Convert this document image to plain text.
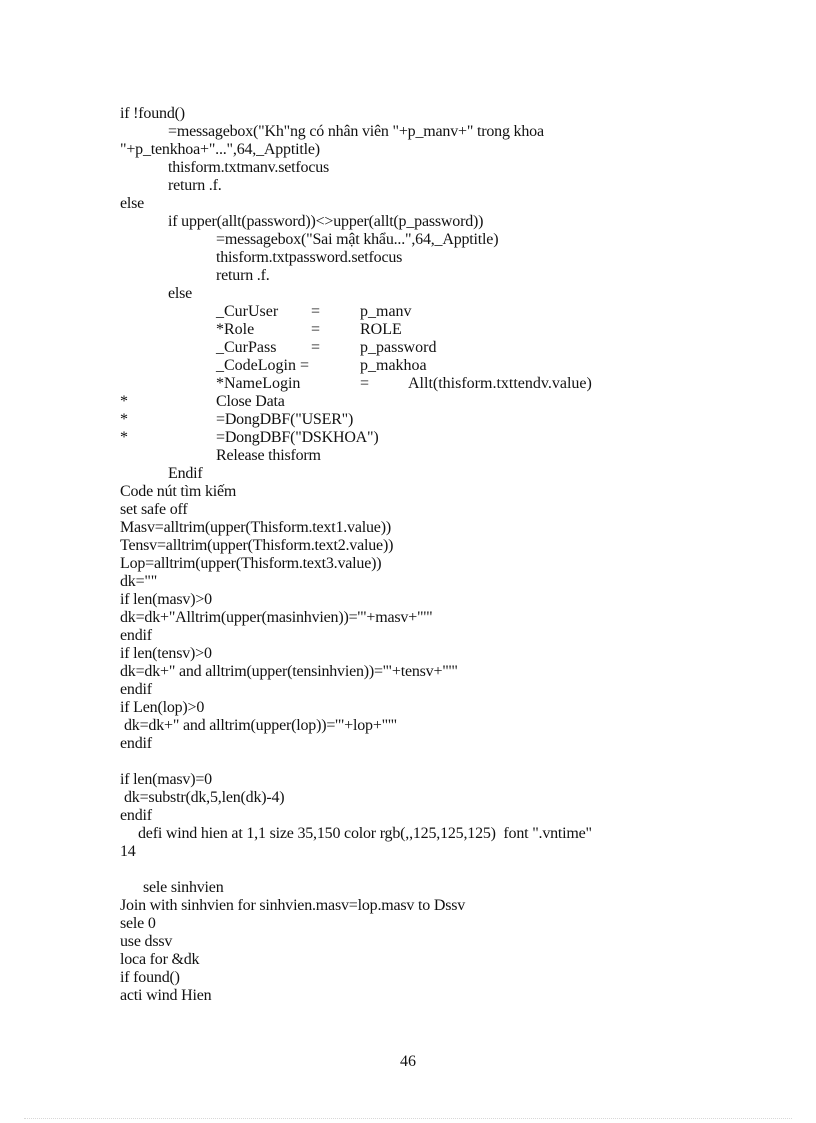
if !found()
=messagebox("Kh"ng có nhân viên "+p_manv+" trong khoa
"+p_tenkhoa+"...",64,_Apptitle)
thisform.txtmanv.setfocus
return .f.
else
if upper(allt(password))<>upper(allt(p_password))
=messagebox("Sai mật khẩu...",64,_Apptitle)
thisform.txtpassword.setfocus
return .f.
else
_CurUser = p_manv
*Role	= ROLE
_CurPass = p_password
_CodeLogin =	p_makhoa
*NameLogin	= Allt(thisform.txttendv.value)
*	Close Data
*	=DongDBF("USER")
*	=DongDBF("DSKHOA")
Release thisform
Endif
Code nút tìm kiếm
set safe off
Masv=alltrim(upper(Thisform.text1.value))
Tensv=alltrim(upper(Thisform.text2.value))
Lop=alltrim(upper(Thisform.text3.value))
dk=""
if len(masv)>0
dk=dk+"Alltrim(upper(masinhvien))='"+masv+"'"
endif
if len(tensv)>0
dk=dk+" and alltrim(upper(tensinhvien))='"+tensv+"'"
endif
if Len(lop)>0
dk=dk+" and alltrim(upper(lop))='"+lop+"'"
endif
if len(masv)=0
dk=substr(dk,5,len(dk)-4)
endif
defi wind hien at 1,1 size 35,150 color rgb(,,125,125,125)  font ".vntime"
14
sele sinhvien
Join with sinhvien for sinhvien.masv=lop.masv to Dssv
sele 0
use dssv
loca for &dk
if found()
acti wind Hien
46
